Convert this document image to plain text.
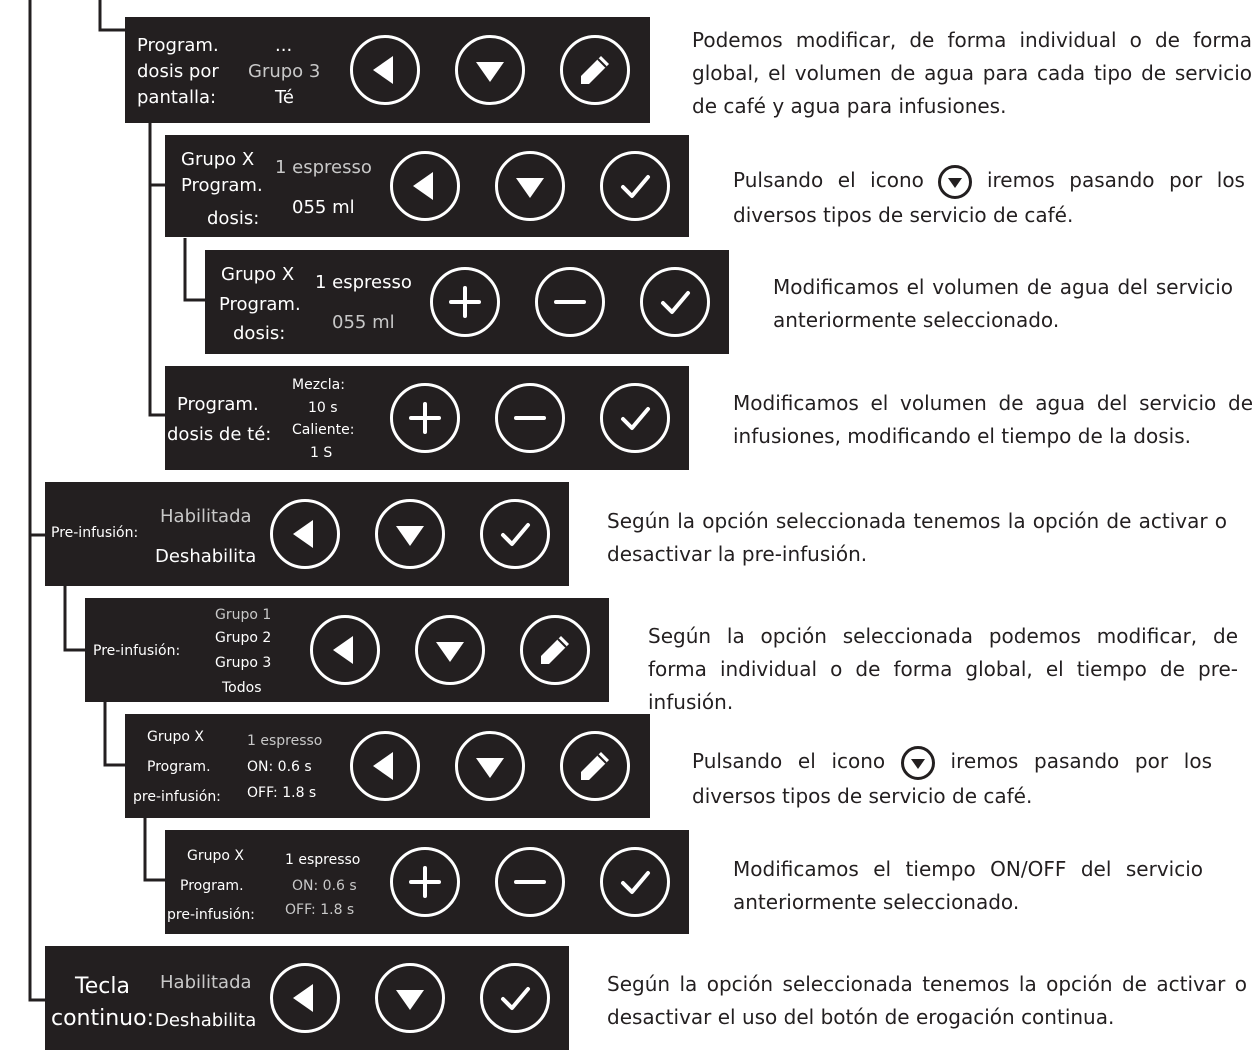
Program.
dosis por
pantalla:
...
Grupo 3
Té
Grupo X
Program.
dosis:
1 espresso
055 ml
Grupo X
Program.
dosis:
1 espresso
055 ml
Program.
dosis de té:
Mezcla:
10 s
Caliente:
1 S
Pre-infusión:
Habilitada
Deshabilita
Pre-infusión:
Grupo 1
Grupo 2
Grupo 3
Todos
Grupo X
Program.
pre-infusión:
1 espresso
ON: 0.6 s
OFF: 1.8 s
Grupo X
Program.
pre-infusión:
1 espresso
ON: 0.6 s
OFF: 1.8 s
Tecla
continuo:
Habilitada
Deshabilita
Podemos modificar, de forma individual o de forma global, el volumen de agua para cada tipo de servicio de café y agua para infusiones.
Pulsando el icono	iremos pasando por los diversos tipos de servicio de café.
Modificamos el volumen de agua del servicio anteriormente seleccionado.
Modificamos el volumen de agua del servicio de infusiones, modificando el tiempo de la dosis.
Según la opción seleccionada tenemos la opción de activar o desactivar la pre-infusión.
Según la opción seleccionada podemos modificar, de forma individual o de forma global, el tiempo de pre-infusión.
Pulsando el icono	iremos pasando por los diversos tipos de servicio de café.
Modificamos el tiempo ON/OFF del servicio anteriormente seleccionado.
Según la opción seleccionada tenemos la opción de activar o desactivar el uso del botón de erogación continua.
